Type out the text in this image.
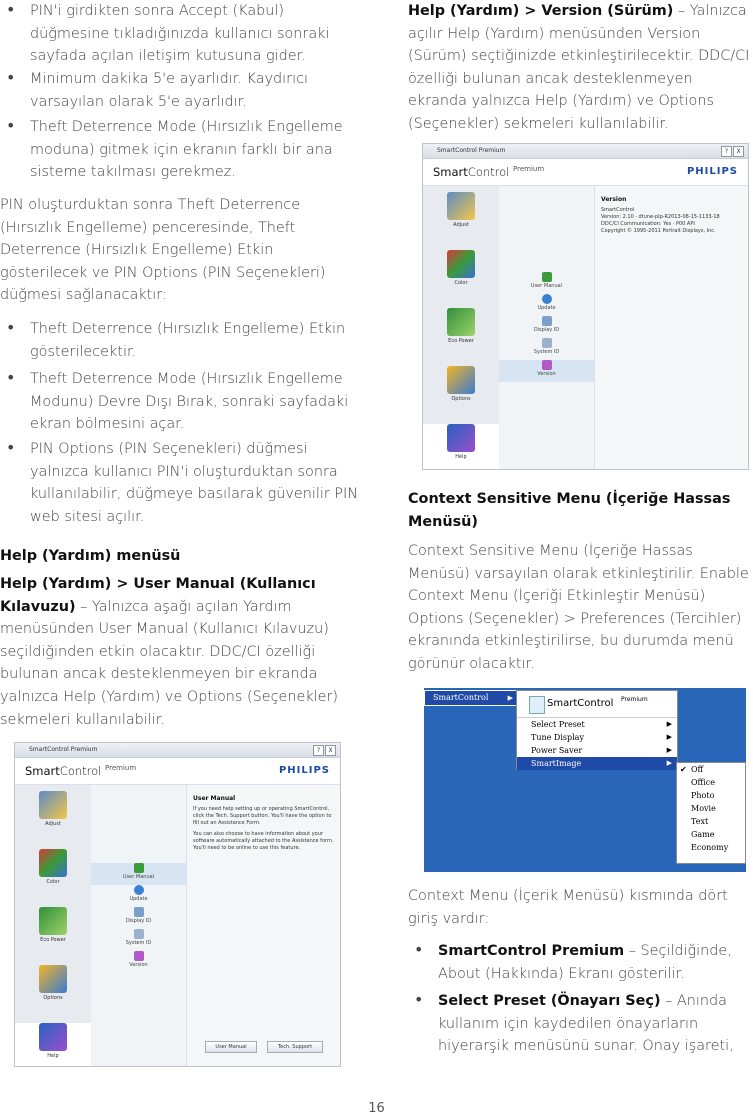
• PIN'i girdikten sonra Accept (Kabul) düğmesine tıkladığınızda kullanıcı sonraki sayfada açılan iletişim kutusuna gider.

• Minimum dakika 5'e ayarlıdır. Kaydırıcı varsayılan olarak 5'e ayarlıdır.

• Theft Deterrence Mode (Hırsızlık Engelleme moduna) gitmek için ekranın farklı bir ana sisteme takılması gerekmez.

PIN oluşturduktan sonra Theft Deterrence (Hırsızlık Engelleme) penceresinde, Theft Deterrence (Hırsızlık Engelleme) Etkin gösterilecek ve PIN Options (PIN Seçenekleri) düğmesi sağlanacaktır:

• Theft Deterrence (Hırsızlık Engelleme) Etkin gösterilecektir.

• Theft Deterrence Mode (Hırsızlık Engelleme Modunu) Devre Dışı Bırak, sonraki sayfadaki ekran bölmesini açar.

• PIN Options (PIN Seçenekleri) düğmesi yalnızca kullanıcı PIN'i oluşturduktan sonra kullanılabilir, düğmeye basılarak güvenilir PIN web sitesi açılır.

Help (Yardım) menüsü

Help (Yardım) > User Manual (Kullanıcı Kılavuzu) – Yalnızca aşağı açılan Yardım menüsünden User Manual (Kullanıcı Kılavuzu) seçildiğinden etkin olacaktır. DDC/CI özelliği bulunan ancak desteklenmeyen bir ekranda yalnızca Help (Yardım) ve Options (Seçenekler) sekmeleri kullanılabilir.

SmartControl Premium	?	X
SmartControl $^{Premium}$	PHILIPS
Adjust
Color
Eco Power
Options
Help
User Manual
Update
Display ID
System ID
Version
User Manual
If you need help setting up or operating SmartControl, click the Tech. Support button. You'll have the option to fill out an Assistance Form.
You can also choose to have information about your software automatically attached to the Assistance form. You'll need to be online to use this feature.
User Manual	Tech. Support

Help (Yardım) > Version (Sürüm) – Yalnızca açılır Help (Yardım) menüsünden Version (Sürüm) seçtiğinizde etkinleştirilecektir. DDC/CI özelliği bulunan ancak desteklenmeyen ekranda yalnızca Help (Yardım) ve Options (Seçenekler) sekmeleri kullanılabilir.

SmartControl Premium	?	X
SmartControl $^{Premium}$	PHILIPS
Adjust
Color
Eco Power
Options
Help
User Manual
Update
Display ID
System ID
Version
Version
SmartControl
Version: 2.10 · dtune-plp-R2013-08-15-1133-18
DDC/CI Communication: Yes · P00 API
Copyright © 1995-2011 Portrait Displays, Inc.

Context Sensitive Menu (İçeriğe Hassas Menüsü)

Context Sensitive Menu (İçeriğe Hassas Menüsü) varsayılan olarak etkinleştirilir. Enable Context Menu (İçeriği Etkinleştir Menüsü) Options (Seçenekler) > Preferences (Tercihler) ekranında etkinleştirilirse, bu durumda menü görünür olacaktır.

SmartControl	▶	SmartControl Premium
Select Preset	▶
Tune Display	▶
Power Saver	▶
SmartImage	▶
✔ Off
Office
Photo
Movie
Text
Game
Economy

Context Menu (İçerik Menüsü) kısmında dört giriş vardır:

• SmartControl Premium – Seçildiğinde, About (Hakkında) Ekranı gösterilir.

• Select Preset (Önayarı Seç) – Anında kullanım için kaydedilen önayarların hiyerarşik menüsünü sunar. Onay işareti,

16
